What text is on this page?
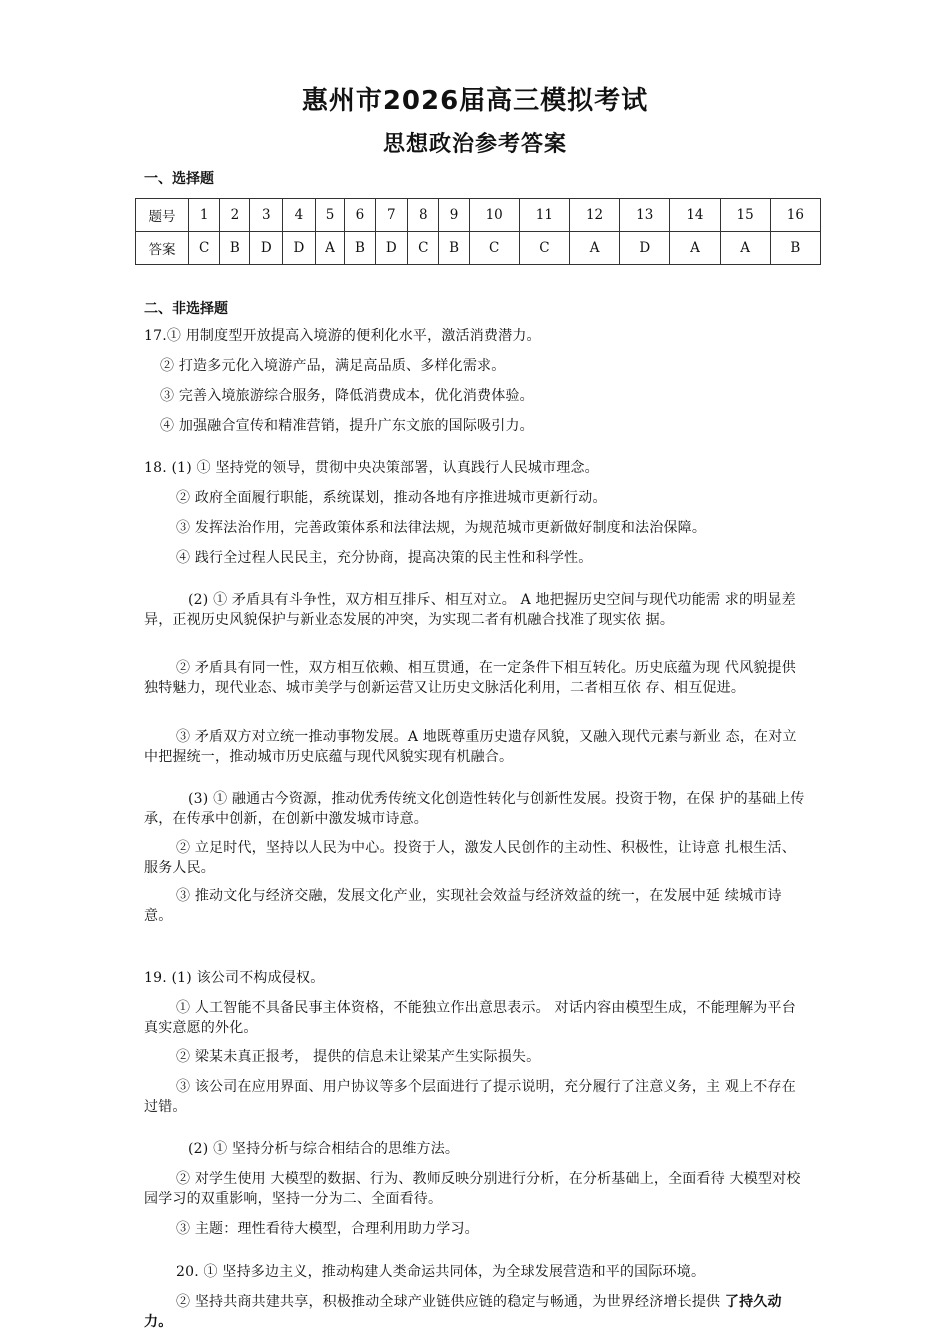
惠州市2026届高三模拟考试
思想政治参考答案
一、选择题
题号	1	2	3	4	5	6	7	8	9	10	11	12	13	14	15	16
答案	C	B	D	D	A	B	D	C	B	C	C	A	D	A	A	B
二、非选择题
17.① 用制度型开放提高入境游的便利化水平，激活消费潜力。
② 打造多元化入境游产品，满足高品质、多样化需求。
③ 完善入境旅游综合服务，降低消费成本，优化消费体验。
④ 加强融合宣传和精准营销，提升广东文旅的国际吸引力。
18. (1) ① 坚持党的领导，贯彻中央决策部署，认真践行人民城市理念。
② 政府全面履行职能，系统谋划，推动各地有序推进城市更新行动。
③ 发挥法治作用，完善政策体系和法律法规，为规范城市更新做好制度和法治保障。
④ 践行全过程人民民主，充分协商，提高决策的民主性和科学性。
(2) ① 矛盾具有斗争性，双方相互排斥、相互对立。 A 地把握历史空间与现代功能需 求的明显差异，正视历史风貌保护与新业态发展的冲突，为实现二者有机融合找准了现实依 据。
② 矛盾具有同一性，双方相互依赖、相互贯通，在一定条件下相互转化。历史底蕴为现 代风貌提供独特魅力，现代业态、城市美学与创新运营又让历史文脉活化利用，二者相互依 存、相互促进。
③ 矛盾双方对立统一推动事物发展。A 地既尊重历史遗存风貌，又融入现代元素与新业 态，在对立中把握统一，推动城市历史底蕴与现代风貌实现有机融合。
(3) ① 融通古今资源，推动优秀传统文化创造性转化与创新性发展。投资于物，在保 护的基础上传承，在传承中创新，在创新中激发城市诗意。
② 立足时代，坚持以人民为中心。投资于人，激发人民创作的主动性、积极性，让诗意 扎根生活、服务人民。
③ 推动文化与经济交融，发展文化产业，实现社会效益与经济效益的统一，在发展中延 续城市诗意。
19. (1) 该公司不构成侵权。
① 人工智能不具备民事主体资格，不能独立作出意思表示。 对话内容由模型生成，不能理解为平台真实意愿的外化。
② 梁某未真正报考， 提供的信息未让梁某产生实际损失。
③ 该公司在应用界面、用户协议等多个层面进行了提示说明，充分履行了注意义务，主 观上不存在过错。
(2) ① 坚持分析与综合相结合的思维方法。
② 对学生使用 大模型的数据、行为、教师反映分别进行分析，在分析基础上，全面看待 大模型对校园学习的双重影响，坚持一分为二、全面看待。
③ 主题：理性看待大模型，合理利用助力学习。
20. ① 坚持多边主义，推动构建人类命运共同体，为全球发展营造和平的国际环境。
② 坚持共商共建共享，积极推动全球产业链供应链的稳定与畅通，为世界经济增长提供 了持久动力。
